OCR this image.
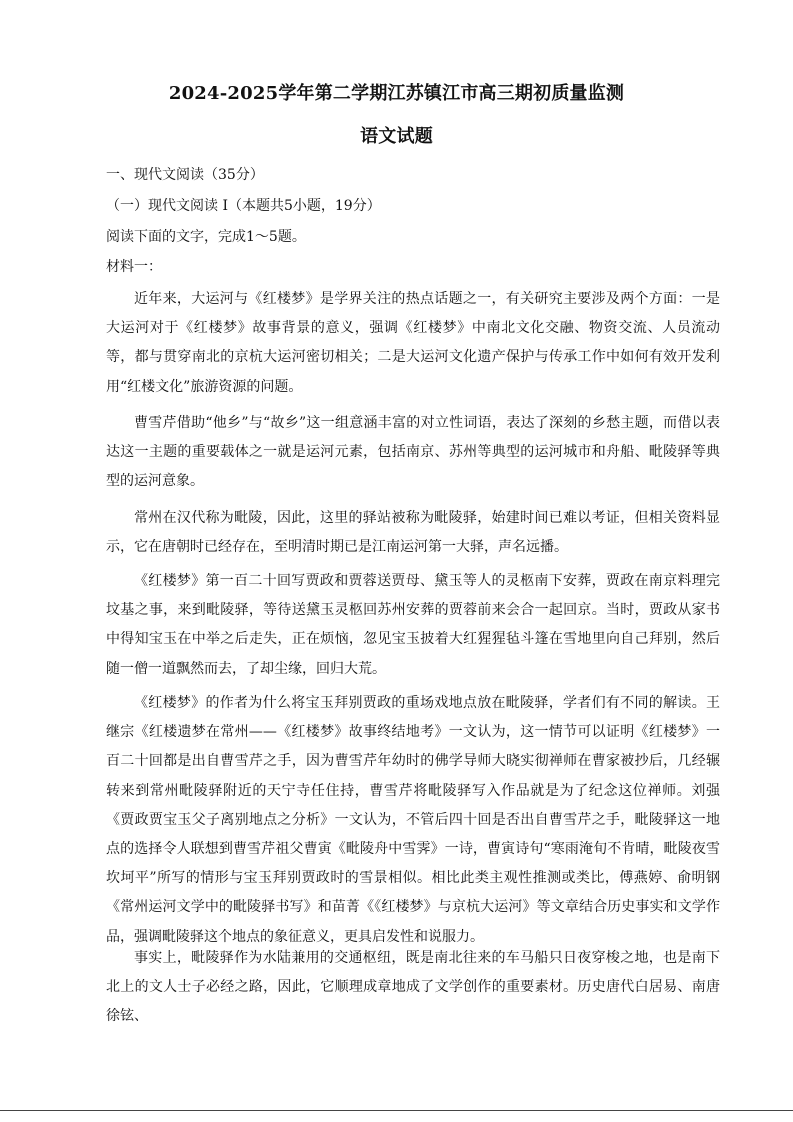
2024-2025学年第二学期江苏镇江市高三期初质量监测
语文试题
一、现代文阅读（35分）
（一）现代文阅读 I（本题共5小题，19分）
阅读下面的文字，完成1～5题。
材料一：

近年来，大运河与《红楼梦》是学界关注的热点话题之一，有关研究主要涉及两个方面：一是大运河对于《红楼梦》故事背景的意义，强调《红楼梦》中南北文化交融、物资交流、人员流动等，都与贯穿南北的京杭大运河密切相关；二是大运河文化遗产保护与传承工作中如何有效开发利用“红楼文化”旅游资源的问题。

曹雪芹借助“他乡”与“故乡”这一组意涵丰富的对立性词语，表达了深刻的乡愁主题，而借以表达这一主题的重要载体之一就是运河元素，包括南京、苏州等典型的运河城市和舟船、毗陵驿等典型的运河意象。

常州在汉代称为毗陵，因此，这里的驿站被称为毗陵驿，始建时间已难以考证，但相关资料显示，它在唐朝时已经存在，至明清时期已是江南运河第一大驿，声名远播。

《红楼梦》第一百二十回写贾政和贾蓉送贾母、黛玉等人的灵柩南下安葬，贾政在南京料理完坟基之事，来到毗陵驿，等待送黛玉灵柩回苏州安葬的贾蓉前来会合一起回京。当时，贾政从家书中得知宝玉在中举之后走失，正在烦恼，忽见宝玉披着大红猩猩毡斗篷在雪地里向自己拜别，然后随一僧一道飘然而去，了却尘缘，回归大荒。

《红楼梦》的作者为什么将宝玉拜别贾政的重场戏地点放在毗陵驿，学者们有不同的解读。王继宗《红楼遗梦在常州——《红楼梦》故事终结地考》一文认为，这一情节可以证明《红楼梦》一百二十回都是出自曹雪芹之手，因为曹雪芹年幼时的佛学导师大晓实彻禅师在曹家被抄后，几经辗转来到常州毗陵驿附近的天宁寺任住持，曹雪芹将毗陵驿写入作品就是为了纪念这位禅师。刘强《贾政贾宝玉父子离别地点之分析》一文认为，不管后四十回是否出自曹雪芹之手，毗陵驿这一地点的选择令人联想到曹雪芹祖父曹寅《毗陵舟中雪霁》一诗，曹寅诗句“寒雨淹旬不肯晴，毗陵夜雪坎坷平”所写的情形与宝玉拜别贾政时的雪景相似。相比此类主观性推测或类比，傅燕婷、俞明钢《常州运河文学中的毗陵驿书写》和苗菁《《红楼梦》与京杭大运河》等文章结合历史事实和文学作品，强调毗陵驿这个地点的象征意义，更具启发性和说服力。

事实上，毗陵驿作为水陆兼用的交通枢纽，既是南北往来的车马船只日夜穿梭之地，也是南下北上的文人士子必经之路，因此，它顺理成章地成了文学创作的重要素材。历史唐代白居易、南唐徐铉、
